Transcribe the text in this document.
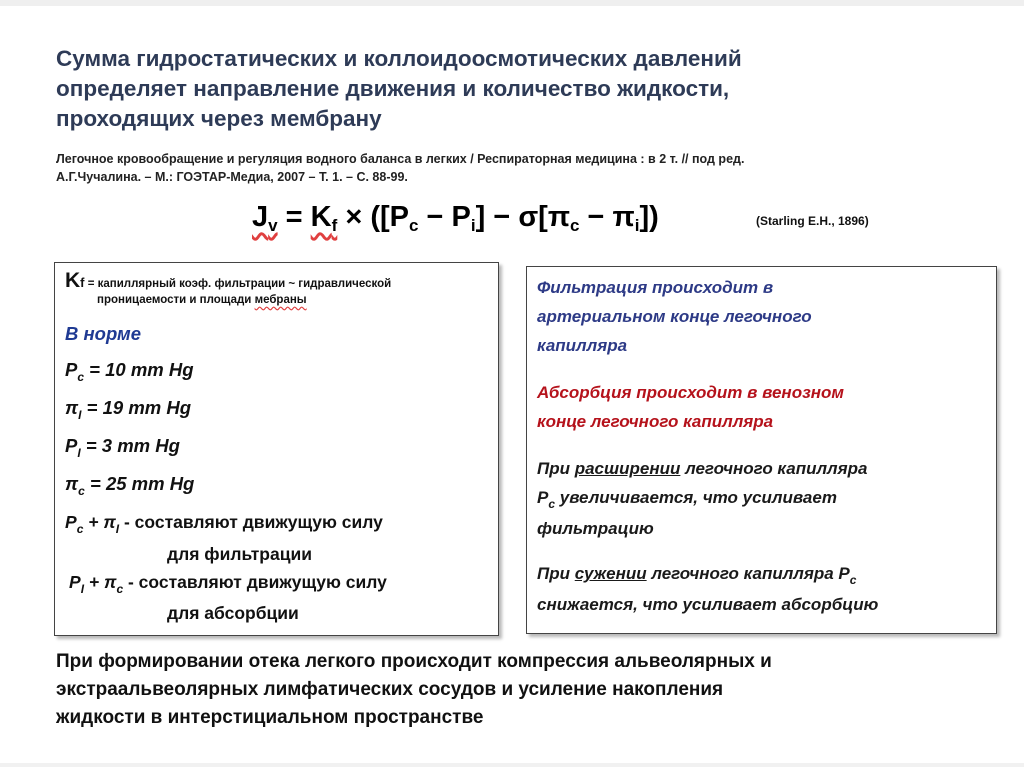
Сумма гидростатических и коллоидоосмотических давлений
определяет направление движения и количество жидкости,
проходящих через мембрану
Легочное кровообращение и регуляция водного баланса в легких / Респираторная медицина : в 2 т. // под ред.
А.Г.Чучалина. – М.: ГОЭТАР-Медиа, 2007 – Т. 1. – С. 88-99.
Jv = Kf × ([Pc − Pi] − σ[πc − πi])	(Starling E.H., 1896)
Kf = капиллярный коэф. фильтрации ~ гидравлической
проницаемости и площади мебраны
В норме
$P_c = 10$ mm Hg
$\pi_I = 19$ mm Hg
$P_I = 3$ mm Hg
$\pi_c = 25$ mm Hg
$P_c + \pi_I$ - составляют движущую силу
для фильтрации
$P_I + \pi_c$ - составляют движущую силу
для абсорбции
Фильтрация происходит в
артериальном конце легочного
капилляра
Абсорбция происходит в венозном
конце легочного капилляра
При расширении легочного капилляра
$P_c$ увеличивается, что усиливает
фильтрацию
При сужении легочного капилляра $P_c$
снижается, что усиливает абсорбцию
При формировании отека легкого происходит компрессия альвеолярных и
экстраальвеолярных лимфатических сосудов и усиление накопления
жидкости в интерстициальном пространстве
